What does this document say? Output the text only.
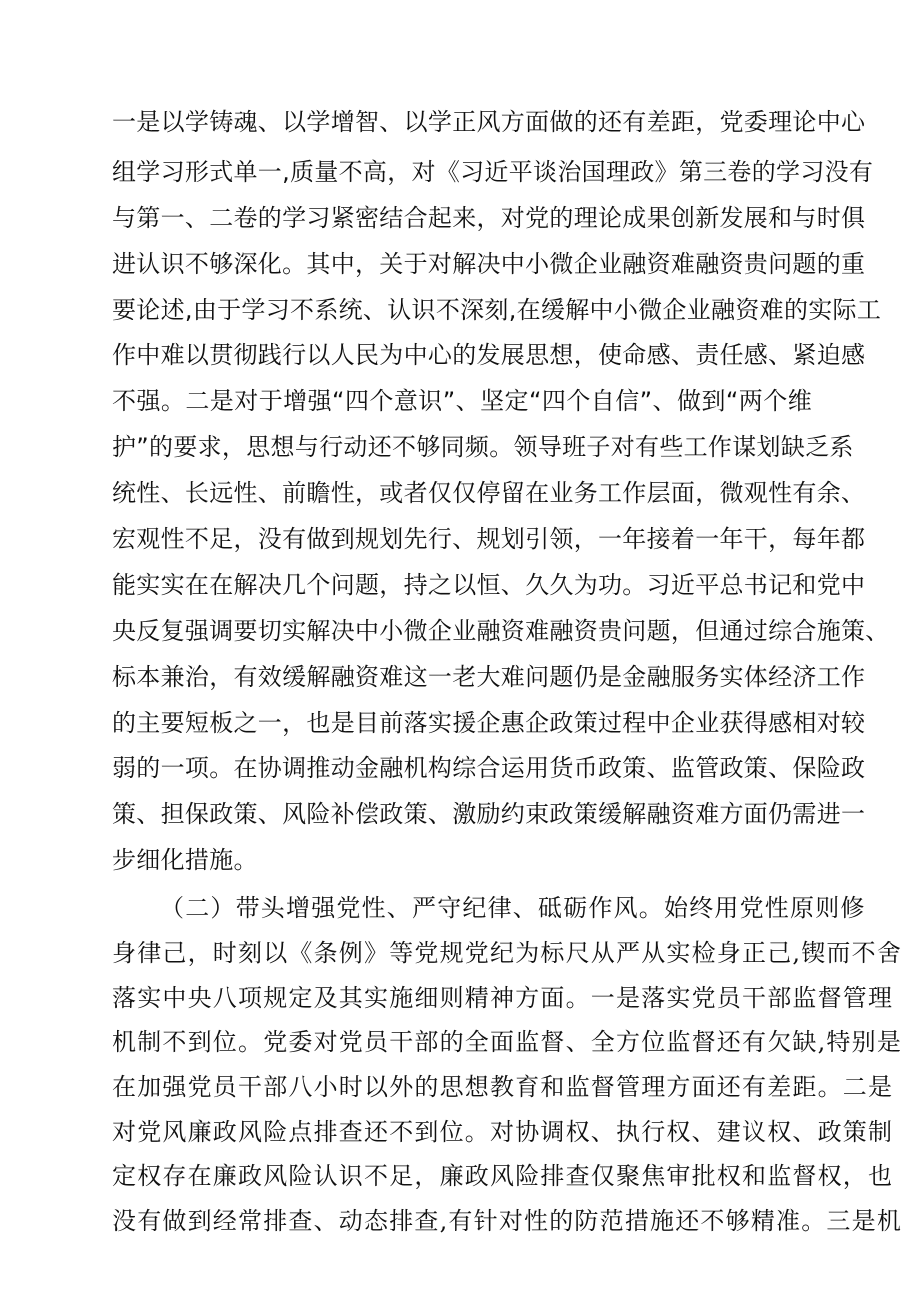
一是以学铸魂、以学增智、以学正风方面做的还有差距，党委理论中心
组学习形式单一,质量不高，对《习近平谈治国理政》第三卷的学习没有
与第一、二卷的学习紧密结合起来，对党的理论成果创新发展和与时俱
进认识不够深化。其中，关于对解决中小微企业融资难融资贵问题的重
要论述,由于学习不系统、认识不深刻,在缓解中小微企业融资难的实际工
作中难以贯彻践行以人民为中心的发展思想，使命感、责任感、紧迫感
不强。二是对于增强“四个意识”、坚定“四个自信”、做到“两个维
护”的要求，思想与行动还不够同频。领导班子对有些工作谋划缺乏系
统性、长远性、前瞻性，或者仅仅停留在业务工作层面，微观性有余、
宏观性不足，没有做到规划先行、规划引领，一年接着一年干，每年都
能实实在在解决几个问题，持之以恒、久久为功。习近平总书记和党中
央反复强调要切实解决中小微企业融资难融资贵问题，但通过综合施策、
标本兼治，有效缓解融资难这一老大难问题仍是金融服务实体经济工作
的主要短板之一，也是目前落实援企惠企政策过程中企业获得感相对较
弱的一项。在协调推动金融机构综合运用货币政策、监管政策、保险政
策、担保政策、风险补偿政策、激励约束政策缓解融资难方面仍需进一
步细化措施。
（二）带头增强党性、严守纪律、砥砺作风。始终用党性原则修
身律己，时刻以《条例》等党规党纪为标尺从严从实检身正己,锲而不舍
落实中央八项规定及其实施细则精神方面。一是落实党员干部监督管理
机制不到位。党委对党员干部的全面监督、全方位监督还有欠缺,特别是
在加强党员干部八小时以外的思想教育和监督管理方面还有差距。二是
对党风廉政风险点排查还不到位。对协调权、执行权、建议权、政策制
定权存在廉政风险认识不足，廉政风险排查仅聚焦审批权和监督权，也
没有做到经常排查、动态排查,有针对性的防范措施还不够精准。三是机
